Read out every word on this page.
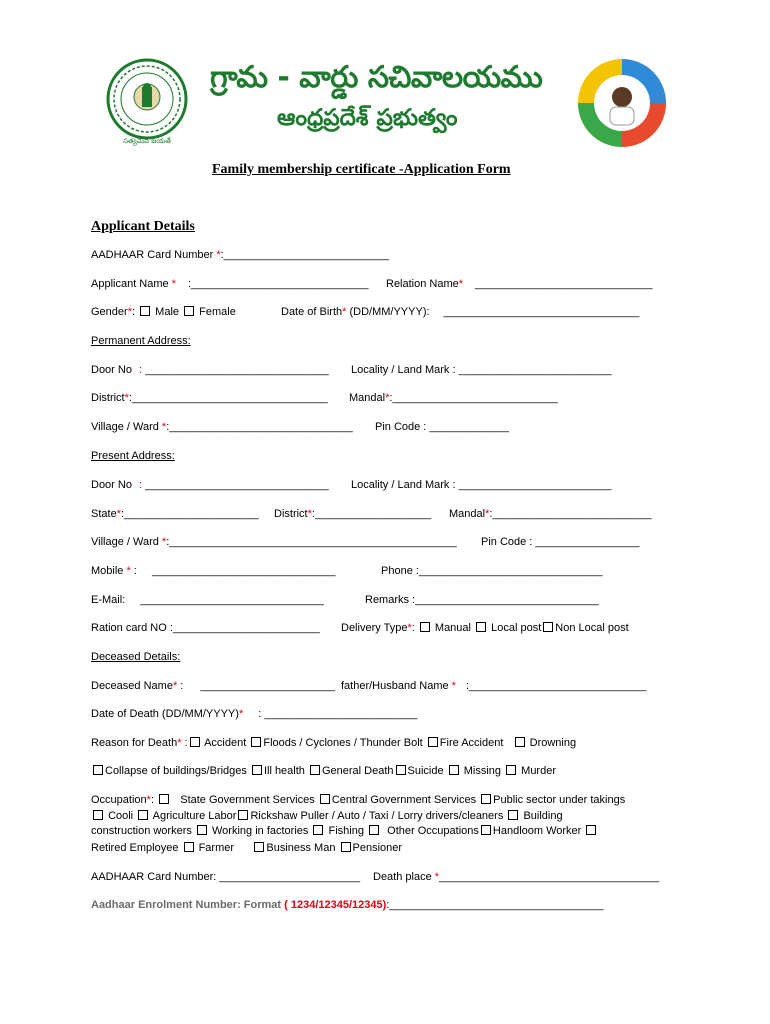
సత్యమేవ జయతే
గ్రామ - వార్డు సచివాలయము
ఆంధ్రప్రదేశ్ ప్రభుత్వం
Family membership certificate -Application Form
Applicant Details
AADHAAR Card Number *:___________________________
Applicant Name * :_____________________________ Relation Name* _____________________________
Gender*:  Male Female	Date of Birth* (DD/MM/YYYY): ________________________________
Permanent Address:
Door No : ______________________________ Locality / Land Mark : _________________________
District*:________________________________ Mandal*:___________________________
Village / Ward *:______________________________ Pin Code : _____________
Present Address:
Door No : ______________________________ Locality / Land Mark : _________________________
State*:______________________ District*:___________________ Mandal*:__________________________
Village / Ward *:_______________________________________________ Pin Code : _________________
Mobile * : ______________________________	Phone :______________________________
E-Mail: ______________________________	Remarks :______________________________
Ration card NO :________________________ Delivery Type*:  Manual Local post Non Local post
Deceased Details:
Deceased Name* : ______________________ father/Husband Name * :_____________________________
Date of Death (DD/MM/YYYY)* : _________________________
Reason for Death* : Accident Floods / Cyclones / Thunder Bolt Fire Accident Drowning
Collapse of buildings/Bridges Ill health General Death Suicide Missing Murder
Occupation*: State Government Services Central Government Services Public sector under takings
Cooli Agriculture Labor Rickshaw Puller / Auto / Taxi / Lorry drivers/cleaners Building
construction workers Working in factories Fishing Other Occupations Handloom Worker
Retired Employee Farmer	Business Man Pensioner
AADHAAR Card Number: _______________________ Death place *____________________________________
Aadhaar Enrolment Number: Format ( 1234/12345/12345):___________________________________
